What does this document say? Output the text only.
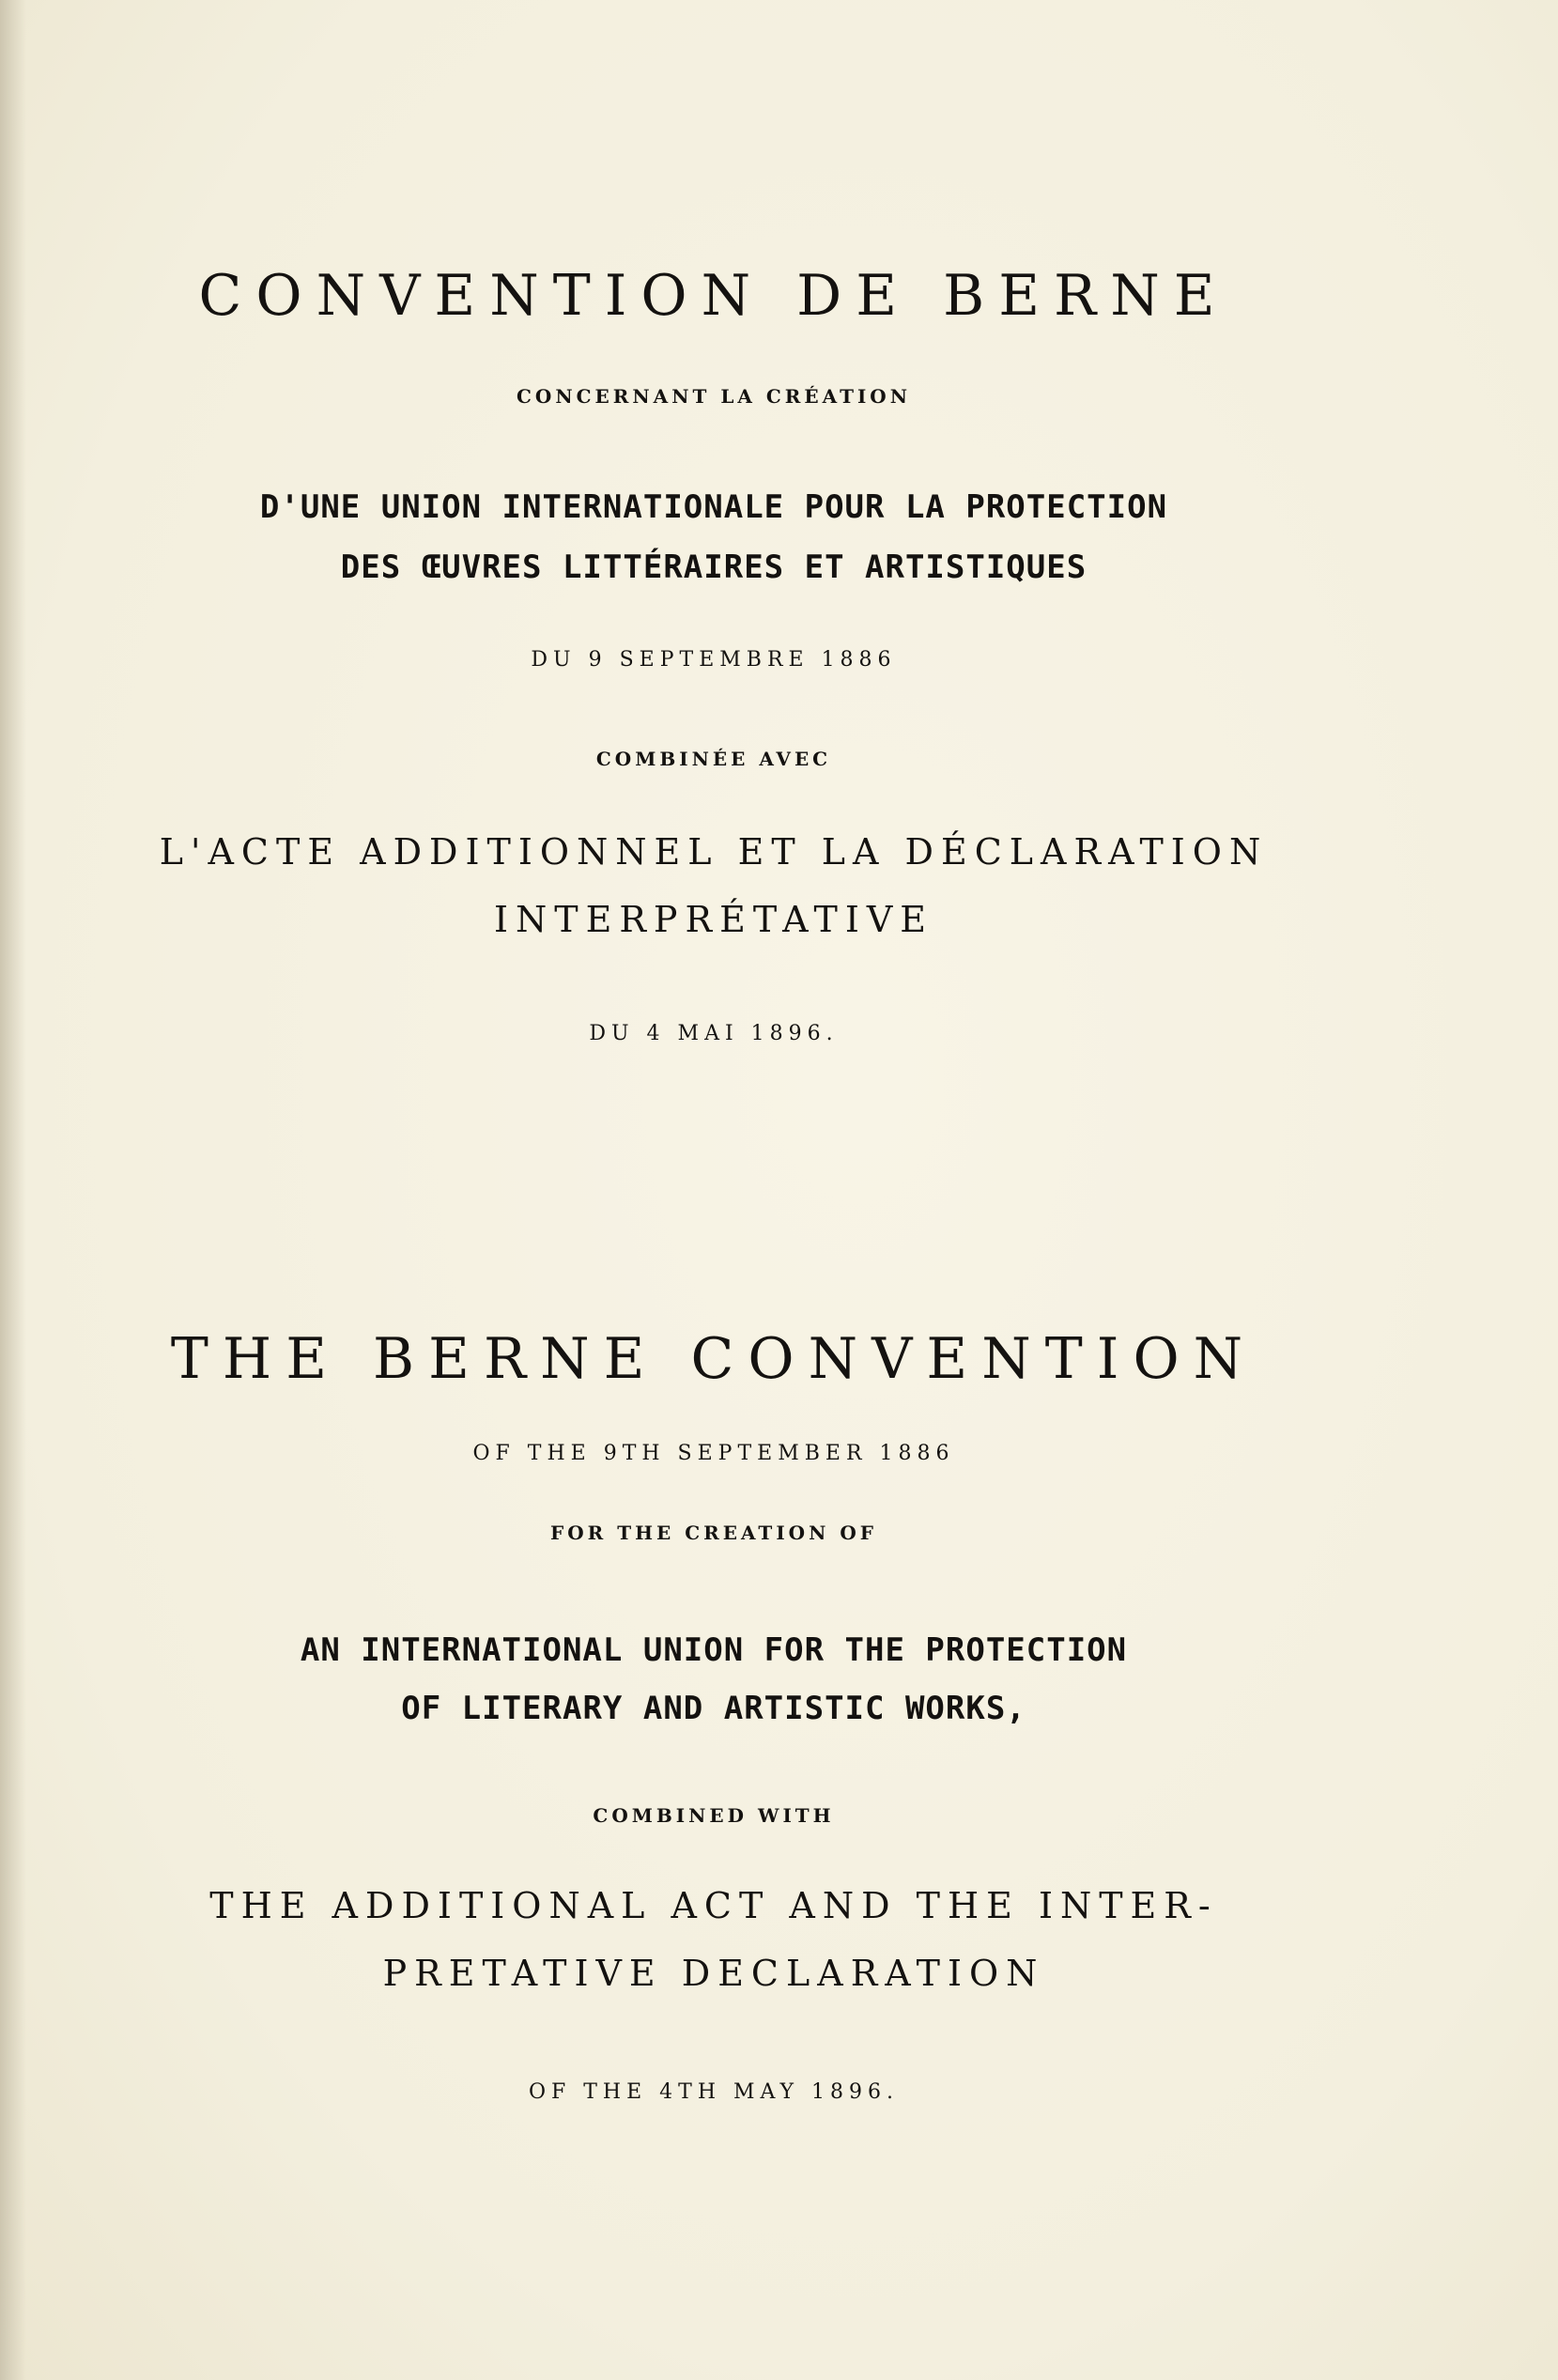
CONVENTION DE BERNE
CONCERNANT LA CRÉATION
D'UNE UNION INTERNATIONALE POUR LA PROTECTION
DES ŒUVRES LITTÉRAIRES ET ARTISTIQUES
DU 9 SEPTEMBRE 1886
COMBINÉE AVEC
L'ACTE ADDITIONNEL ET LA DÉCLARATION
INTERPRÉTATIVE
DU 4 MAI 1896.
THE BERNE CONVENTION
OF THE 9TH SEPTEMBER 1886
FOR THE CREATION OF
AN INTERNATIONAL UNION FOR THE PROTECTION
OF LITERARY AND ARTISTIC WORKS,
COMBINED WITH
THE ADDITIONAL ACT AND THE INTER-
PRETATIVE DECLARATION
OF THE 4TH MAY 1896.
